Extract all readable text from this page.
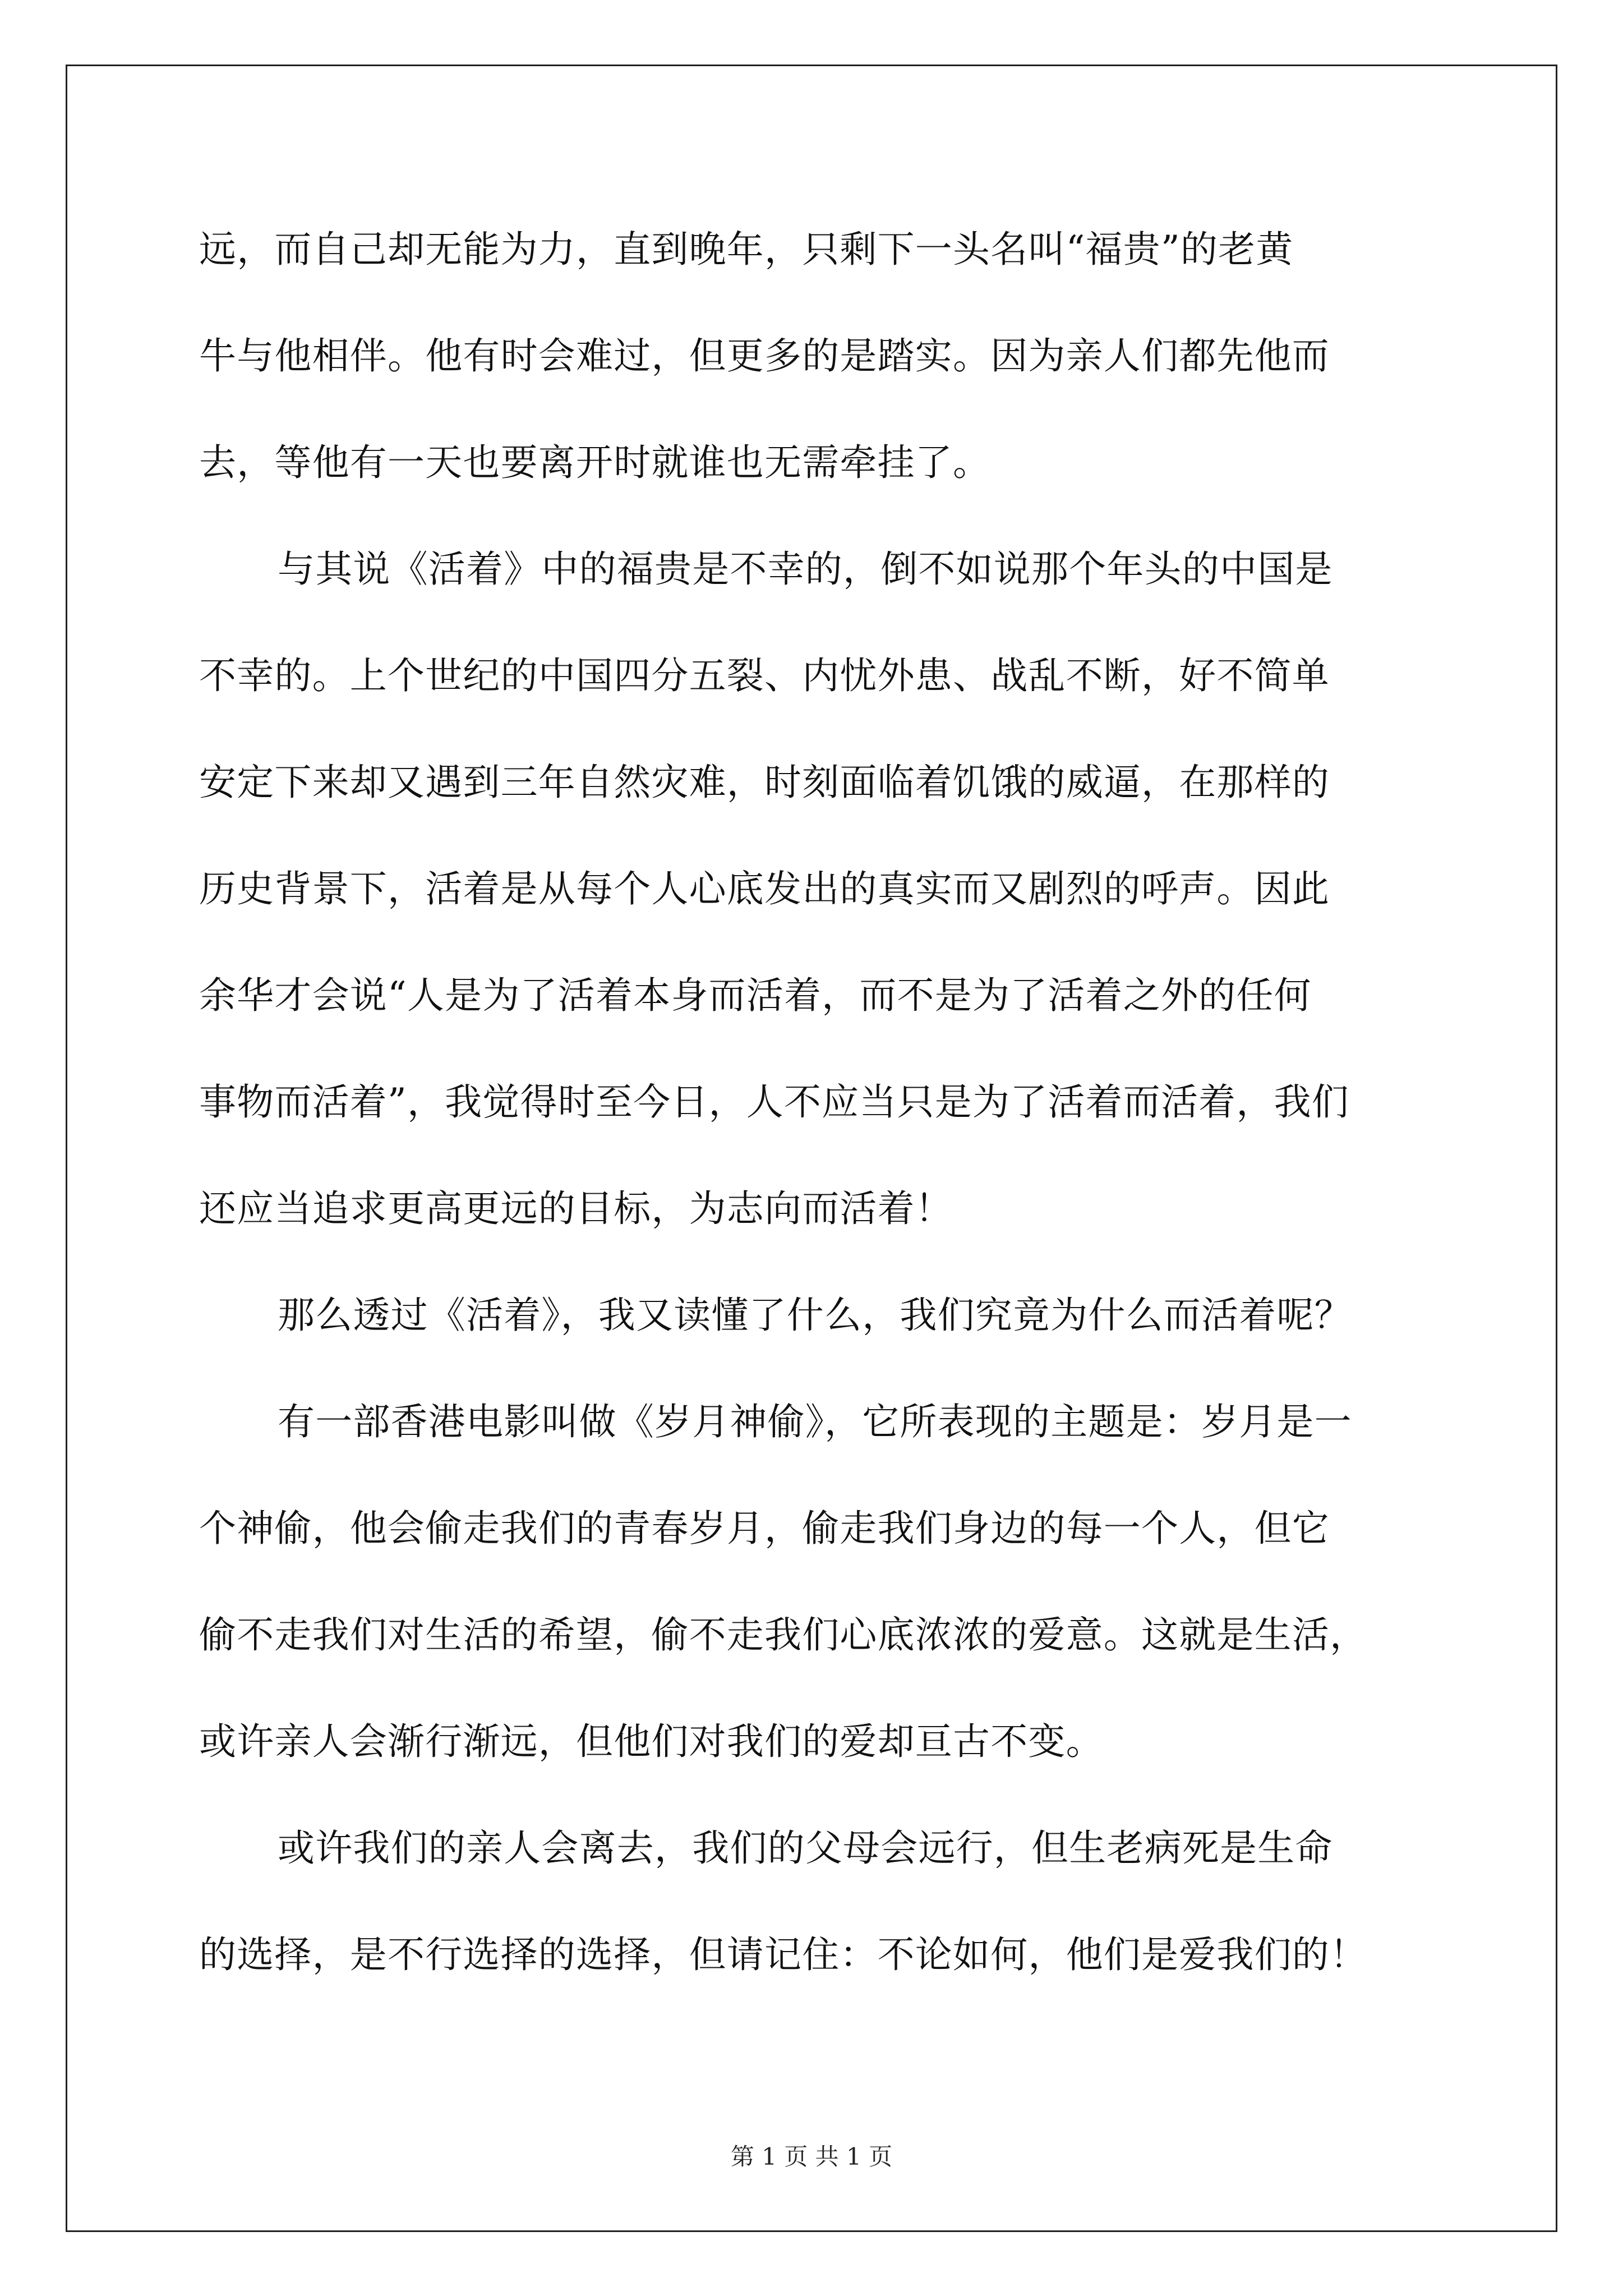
远，而自己却无能为力，直到晚年，只剩下一头名叫“福贵”的老黄
牛与他相伴。他有时会难过，但更多的是踏实。因为亲人们都先他而
去，等他有一天也要离开时就谁也无需牵挂了。

与其说《活着》中的福贵是不幸的，倒不如说那个年头的中国是
不幸的。上个世纪的中国四分五裂、内忧外患、战乱不断，好不简单
安定下来却又遇到三年自然灾难，时刻面临着饥饿的威逼，在那样的
历史背景下，活着是从每个人心底发出的真实而又剧烈的呼声。因此
余华才会说“人是为了活着本身而活着，而不是为了活着之外的任何
事物而活着”，我觉得时至今日，人不应当只是为了活着而活着，我们
还应当追求更高更远的目标，为志向而活着！

那么透过《活着》，我又读懂了什么，我们究竟为什么而活着呢？

有一部香港电影叫做《岁月神偷》，它所表现的主题是：岁月是一
个神偷，他会偷走我们的青春岁月，偷走我们身边的每一个人，但它
偷不走我们对生活的希望，偷不走我们心底浓浓的爱意。这就是生活，
或许亲人会渐行渐远，但他们对我们的爱却亘古不变。

或许我们的亲人会离去，我们的父母会远行，但生老病死是生命
的选择，是不行选择的选择，但请记住：不论如何，他们是爱我们的！

第 1 页 共 1 页
